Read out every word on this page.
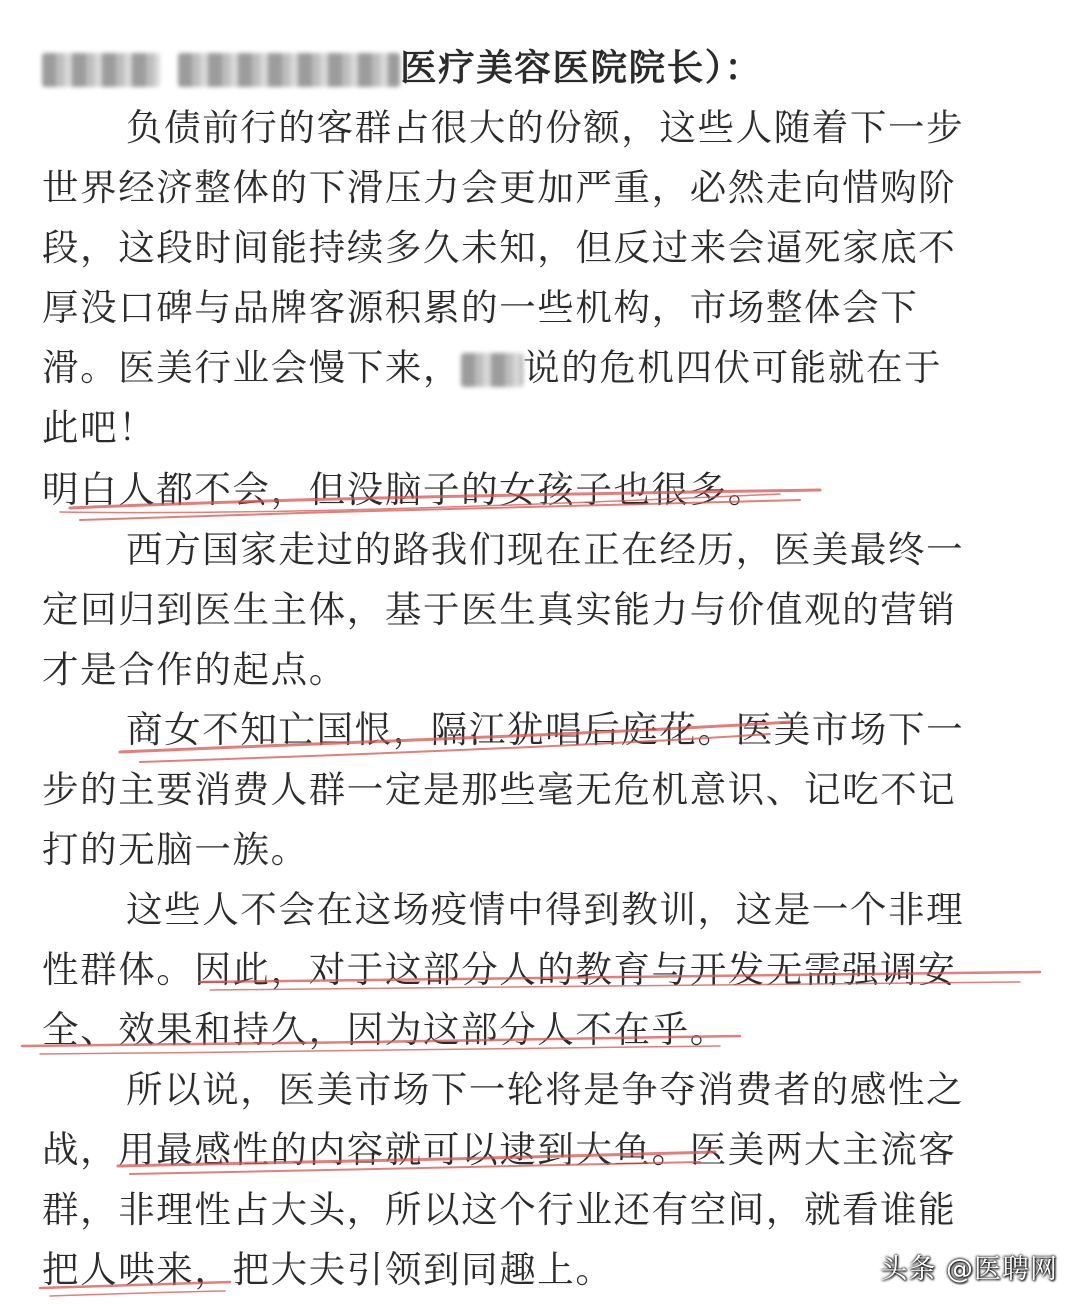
医疗美容医院院长）：
负债前行的客群占很大的份额，这些人随着下一步
世界经济整体的下滑压力会更加严重，必然走向惜购阶
段，这段时间能持续多久未知，但反过来会逼死家底不
厚没口碑与品牌客源积累的一些机构，市场整体会下
滑。医美行业会慢下来， 说的危机四伏可能就在于
此吧！
明白人都不会，但没脑子的女孩子也很多。
西方国家走过的路我们现在正在经历，医美最终一
定回归到医生主体，基于医生真实能力与价值观的营销
才是合作的起点。
商女不知亡国恨，隔江犹唱后庭花。医美市场下一
步的主要消费人群一定是那些毫无危机意识、记吃不记
打的无脑一族。
这些人不会在这场疫情中得到教训，这是一个非理
性群体。因此，对于这部分人的教育与开发无需强调安
全、效果和持久，因为这部分人不在乎。
所以说，医美市场下一轮将是争夺消费者的感性之
战，用最感性的内容就可以逮到大鱼。医美两大主流客
群，非理性占大头，所以这个行业还有空间，就看谁能
把人哄来，把大夫引领到同趣上。	头条 @医聘网
